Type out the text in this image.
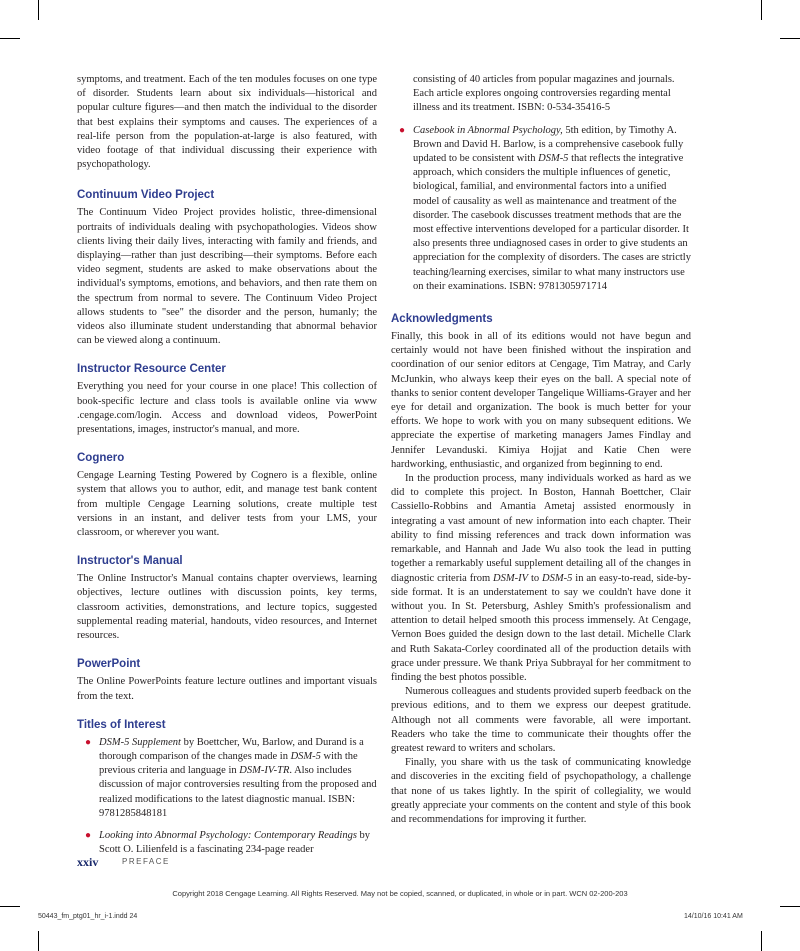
symptoms, and treatment. Each of the ten modules focuses on one type of disorder. Students learn about six individuals—historical and popular culture figures—and then match the individual to the disorder that best explains their symptoms and causes. The experiences of a real-life person from the population-at-large is also featured, with video footage of that individual discussing their experience with psychopathology.

Continuum Video Project

The Continuum Video Project provides holistic, three-dimensional portraits of individuals dealing with psychopathologies. Videos show clients living their daily lives, interacting with family and friends, and displaying—rather than just describing—their symptoms. Before each video segment, students are asked to make observations about the individual's symptoms, emotions, and behaviors, and then rate them on the spectrum from normal to severe. The Continuum Video Project allows students to "see" the disorder and the person, humanly; the videos also illuminate student understanding that abnormal behavior can be viewed along a continuum.

Instructor Resource Center

Everything you need for your course in one place! This collection of book-specific lecture and class tools is available online via www .cengage.com/login. Access and download videos, PowerPoint presentations, images, instructor's manual, and more.

Cognero

Cengage Learning Testing Powered by Cognero is a flexible, online system that allows you to author, edit, and manage test bank content from multiple Cengage Learning solutions, create multiple test versions in an instant, and deliver tests from your LMS, your classroom, or wherever you want.

Instructor's Manual

The Online Instructor's Manual contains chapter overviews, learning objectives, lecture outlines with discussion points, key terms, classroom activities, demonstrations, and lecture topics, suggested supplemental reading material, handouts, video resources, and Internet resources.

PowerPoint

The Online PowerPoints feature lecture outlines and important visuals from the text.

Titles of Interest
● DSM-5 Supplement by Boettcher, Wu, Barlow, and Durand is a thorough comparison of the changes made in DSM-5 with the previous criteria and language in DSM-IV-TR. Also includes discussion of major controversies resulting from the proposed and realized modifications to the latest diagnostic manual. ISBN: 9781285848181
● Looking into Abnormal Psychology: Contemporary Readings by Scott O. Lilienfeld is a fascinating 234-page reader
consisting of 40 articles from popular magazines and journals. Each article explores ongoing controversies regarding mental illness and its treatment. ISBN: 0-534-35416-5
● Casebook in Abnormal Psychology, 5th edition, by Timothy A. Brown and David H. Barlow, is a comprehensive casebook fully updated to be consistent with DSM-5 that reflects the integrative approach, which considers the multiple influences of genetic, biological, familial, and environmental factors into a unified model of causality as well as maintenance and treatment of the disorder. The casebook discusses treatment methods that are the most effective interventions developed for a particular disorder. It also presents three undiagnosed cases in order to give students an appreciation for the complexity of disorders. The cases are strictly teaching/learning exercises, similar to what many instructors use on their examinations. ISBN: 9781305971714
Acknowledgments

Finally, this book in all of its editions would not have begun and certainly would not have been finished without the inspiration and coordination of our senior editors at Cengage, Tim Matray, and Carly McJunkin, who always keep their eyes on the ball. A special note of thanks to senior content developer Tangelique Williams-Grayer and her eye for detail and organization. The book is much better for your efforts. We hope to work with you on many subsequent editions. We appreciate the expertise of marketing managers James Findlay and Jennifer Levanduski. Kimiya Hojjat and Katie Chen were hardworking, enthusiastic, and organized from beginning to end.

In the production process, many individuals worked as hard as we did to complete this project. In Boston, Hannah Boettcher, Clair Cassiello-Robbins and Amantia Ametaj assisted enormously in integrating a vast amount of new information into each chapter. Their ability to find missing references and track down information was remarkable, and Hannah and Jade Wu also took the lead in putting together a remarkably useful supplement detailing all of the changes in diagnostic criteria from DSM-IV to DSM-5 in an easy-to-read, side-by-side format. It is an understatement to say we couldn't have done it without you. In St. Petersburg, Ashley Smith's professionalism and attention to detail helped smooth this process immensely. At Cengage, Vernon Boes guided the design down to the last detail. Michelle Clark and Ruth Sakata-Corley coordinated all of the production details with grace under pressure. We thank Priya Subbrayal for her commitment to finding the best photos possible.

Numerous colleagues and students provided superb feedback on the previous editions, and to them we express our deepest gratitude. Although not all comments were favorable, all were important. Readers who take the time to communicate their thoughts offer the greatest reward to writers and scholars.

Finally, you share with us the task of communicating knowledge and discoveries in the exciting field of psychopathology, a challenge that none of us takes lightly. In the spirit of collegiality, we would greatly appreciate your comments on the content and style of this book and recommendations for improving it further.

xxiv	PREFACE
Copyright 2018 Cengage Learning. All Rights Reserved. May not be copied, scanned, or duplicated, in whole or in part. WCN 02-200-203
50443_fm_ptg01_hr_i-1.indd 24	14/10/16 10:41 AM
